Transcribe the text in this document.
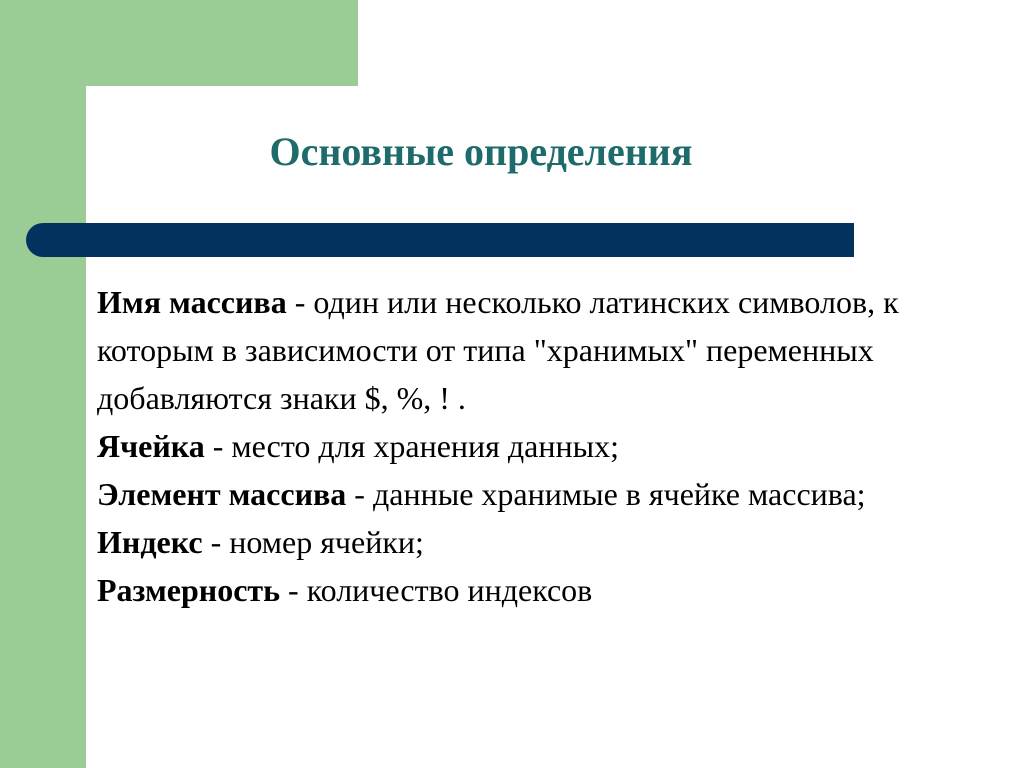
Основные определения

Имя массива - один или несколько латинских символов, к которым в зависимости от типа "хранимых" переменных добавляются знаки $, %, ! .

Ячейка - место для хранения данных;

Элемент массива - данные хранимые в ячейке массива;

Индекс - номер ячейки;

Размерность - количество индексов
